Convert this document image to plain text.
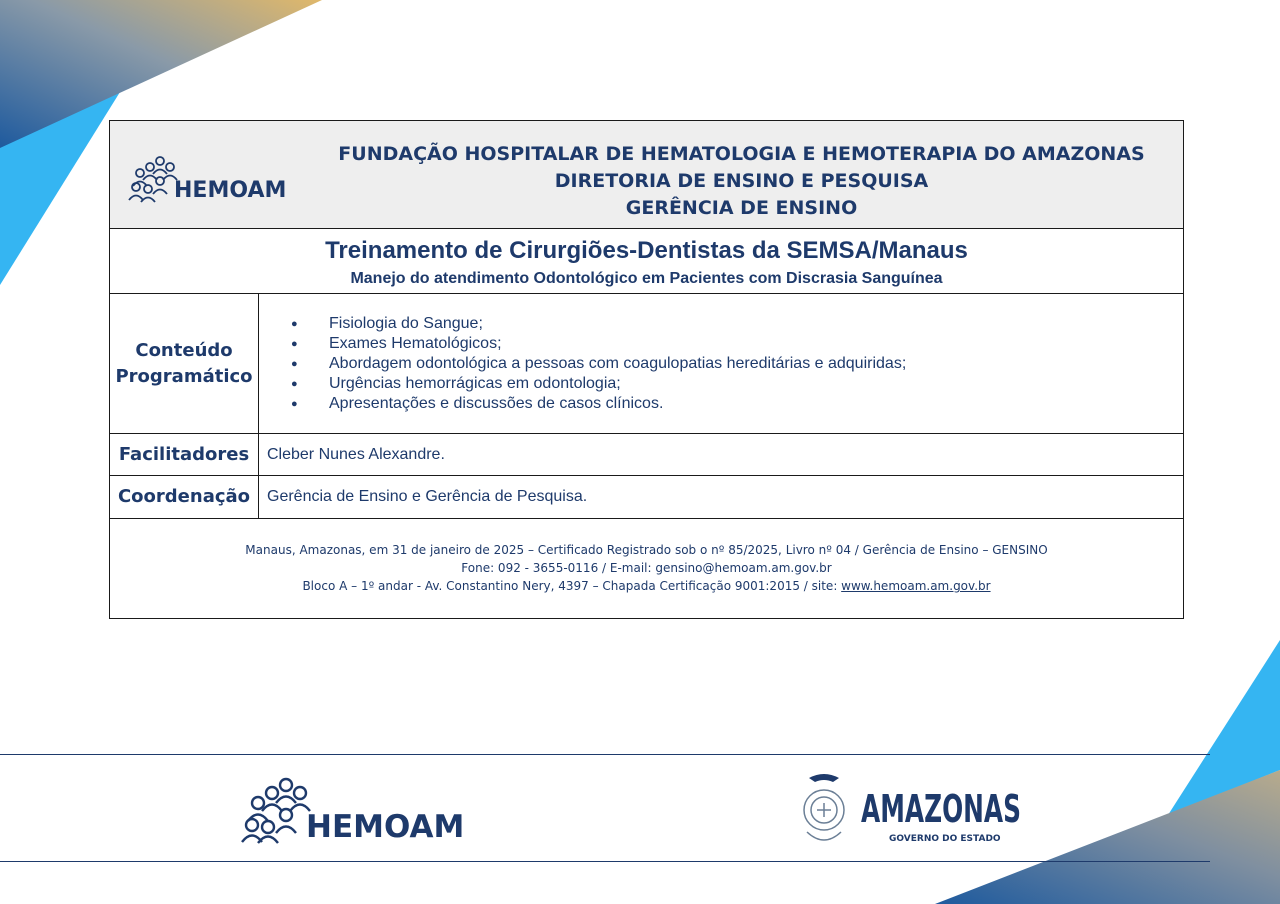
HEMOAM
FUNDAÇÃO HOSPITALAR DE HEMATOLOGIA E HEMOTERAPIA DO AMAZONAS
DIRETORIA DE ENSINO E PESQUISA
GERÊNCIA DE ENSINO
Treinamento de Cirurgiões-Dentistas da SEMSA/Manaus
Manejo do atendimento Odontológico em Pacientes com Discrasia Sanguínea
Conteúdo
Programático
● Fisiologia do Sangue;
● Exames Hematológicos;
● Abordagem odontológica a pessoas com coagulopatias hereditárias e adquiridas;
● Urgências hemorrágicas em odontologia;
● Apresentações e discussões de casos clínicos.
Facilitadores	Cleber Nunes Alexandre.
Coordenação	Gerência de Ensino e Gerência de Pesquisa.
Manaus, Amazonas, em 31 de janeiro de 2025 – Certificado Registrado sob o nº 85/2025, Livro nº 04 / Gerência de Ensino – GENSINO
Fone: 092 - 3655-0116 / E-mail: gensino@hemoam.am.gov.br
Bloco A – 1º andar - Av. Constantino Nery, 4397 – Chapada Certificação 9001:2015 / site: www.hemoam.am.gov.br
HEMOAM	AMAZONAS
GOVERNO DO ESTADO
